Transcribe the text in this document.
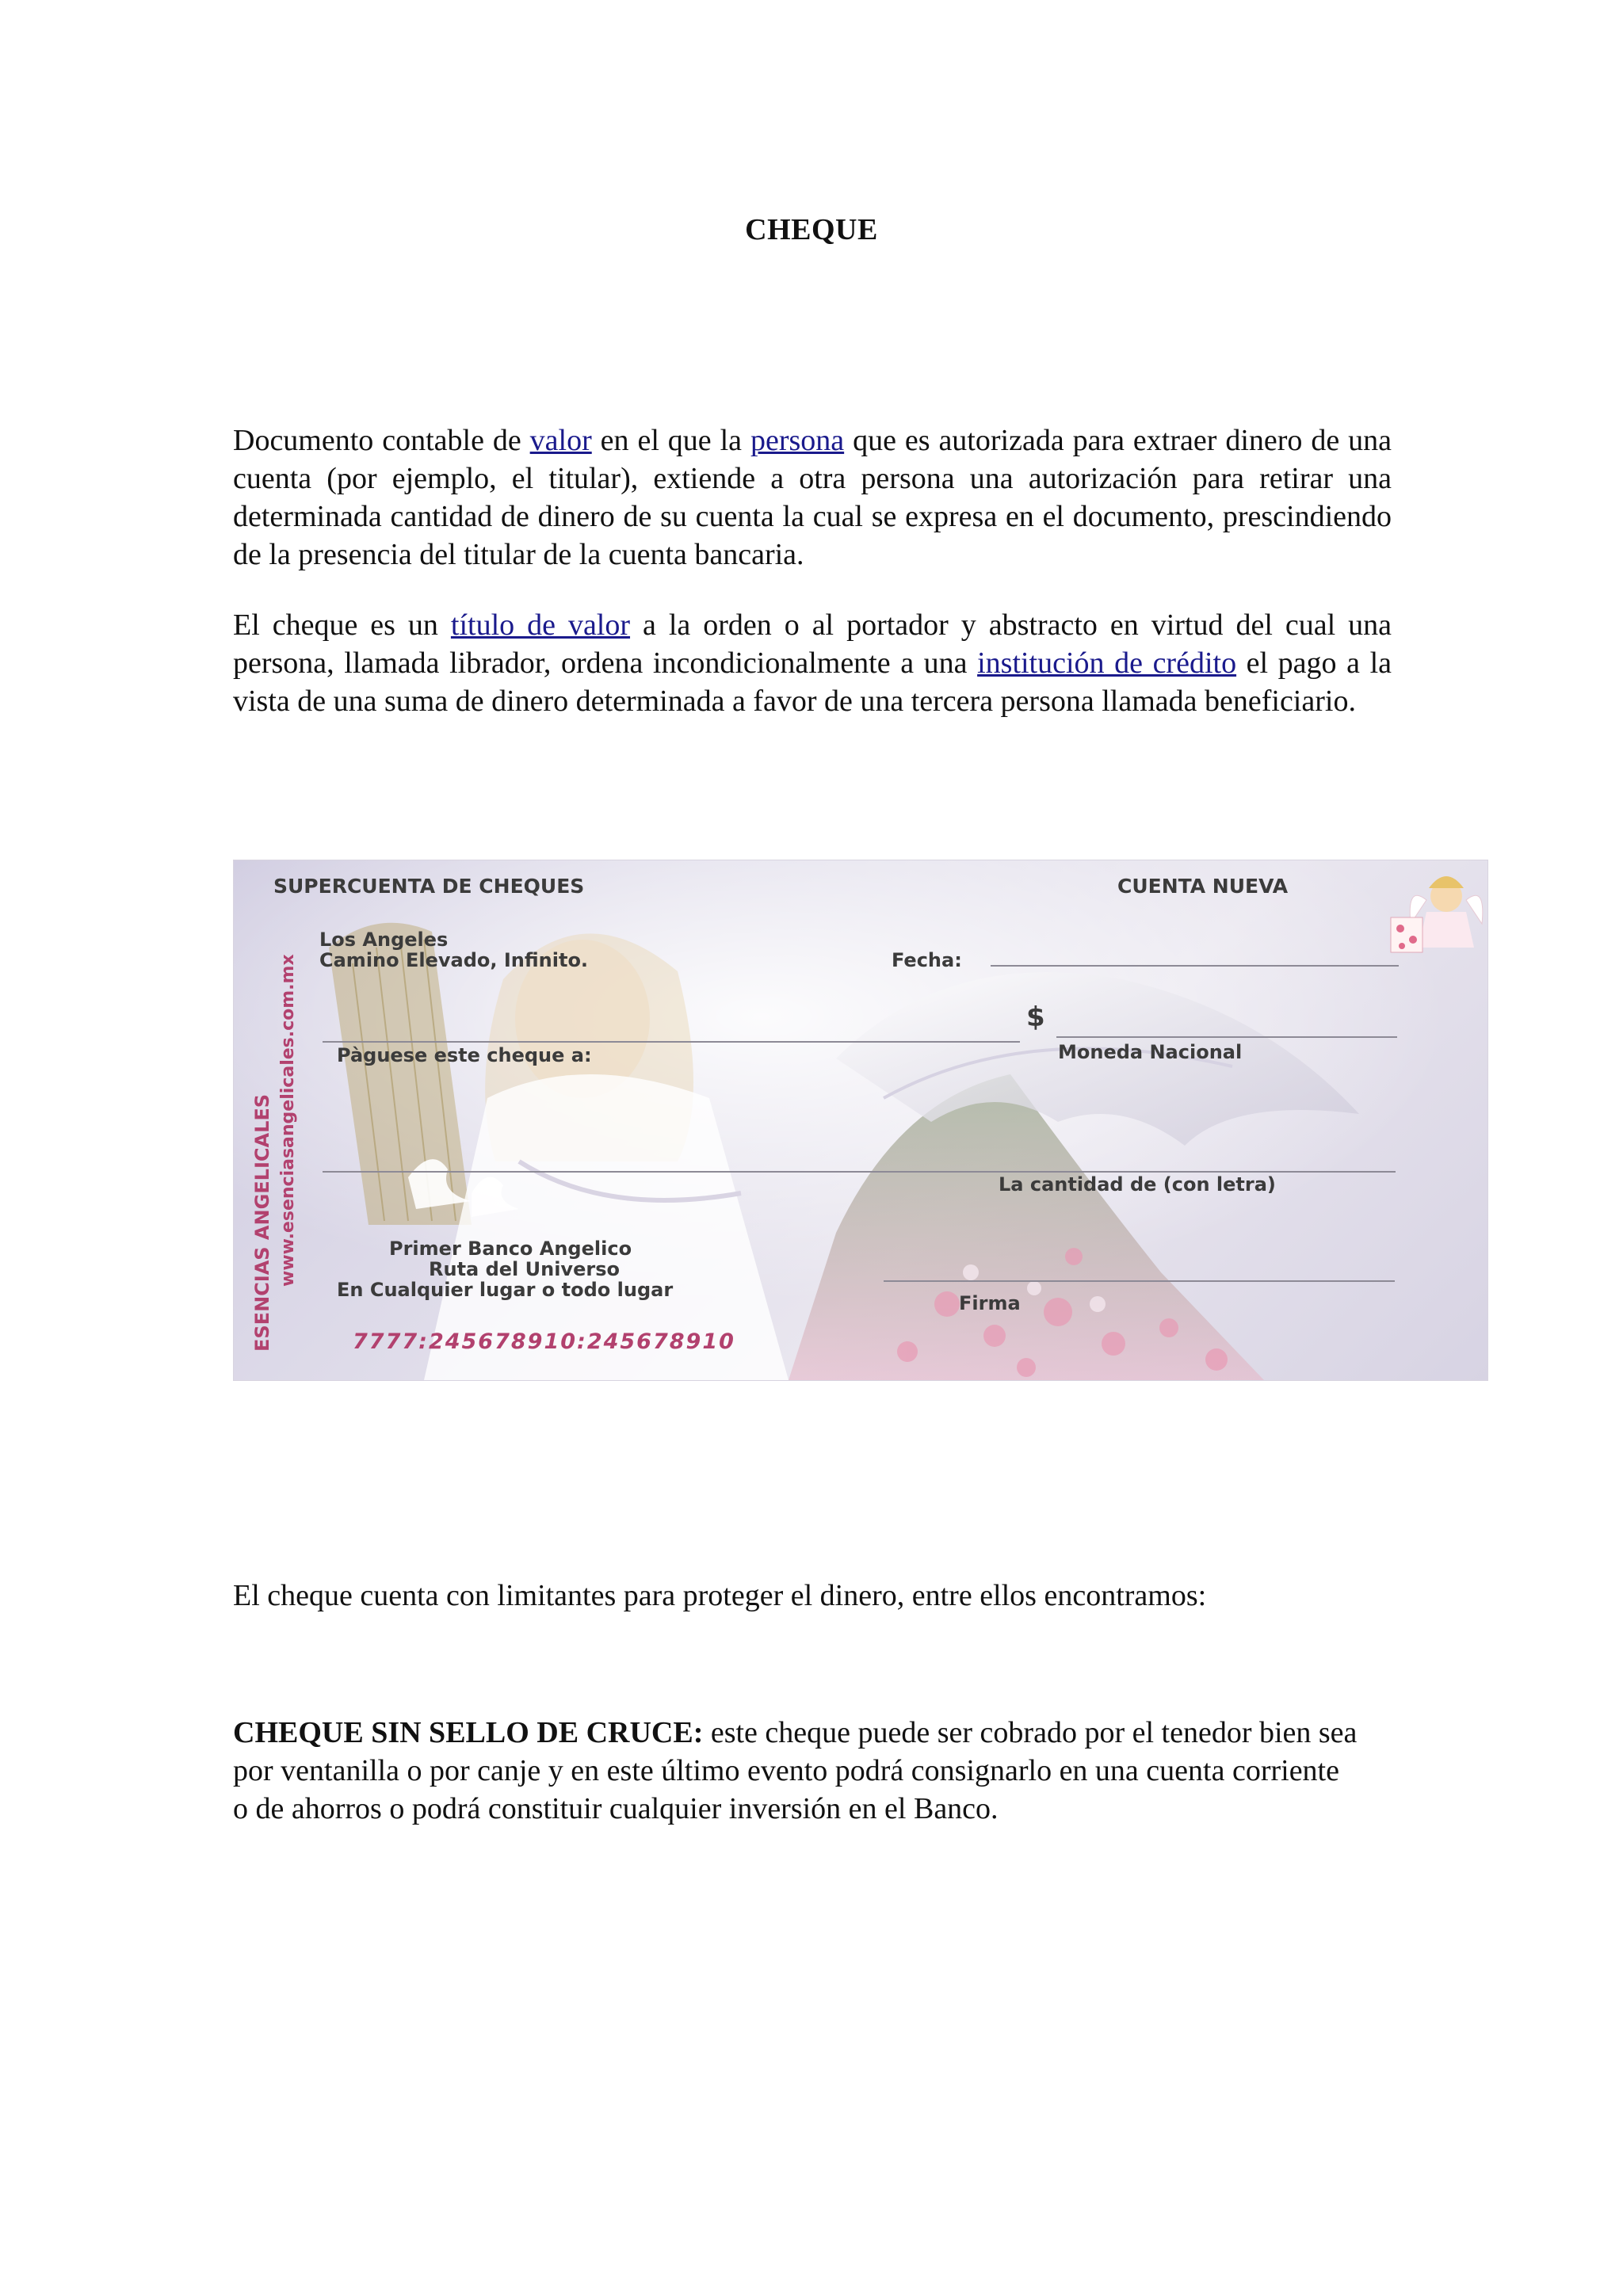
CHEQUE

Documento contable de valor en el que la persona que es autorizada para extraer dinero de una cuenta (por ejemplo, el titular), extiende a otra persona una autorización para retirar una determinada cantidad de dinero de su cuenta la cual se expresa en el documento, prescindiendo de la presencia del titular de la cuenta bancaria.

El cheque es un título de valor a la orden o al portador y abstracto en virtud del cual una persona, llamada librador, ordena incondicionalmente a una institución de crédito el pago a la vista de una suma de dinero determinada a favor de una tercera persona llamada beneficiario.

SUPERCUENTA DE CHEQUES	CUENTA NUEVA
Los Angeles
Camino Elevado, Infinito.	Fecha:
$
Pàguese este cheque a:	Moneda Nacional
La cantidad de (con letra)
Primer Banco Angelico
Ruta del Universo
En Cualquier lugar o todo lugar
Firma
7777:245678910:245678910
ESENCIAS ANGELICALES www.esenciasangelicales.com.mx

El cheque cuenta con limitantes para proteger el dinero, entre ellos encontramos:

CHEQUE SIN SELLO DE CRUCE: este cheque puede ser cobrado por el tenedor bien sea por ventanilla o por canje y en este último evento podrá consignarlo en una cuenta corriente o de ahorros o podrá constituir cualquier inversión en el Banco.
